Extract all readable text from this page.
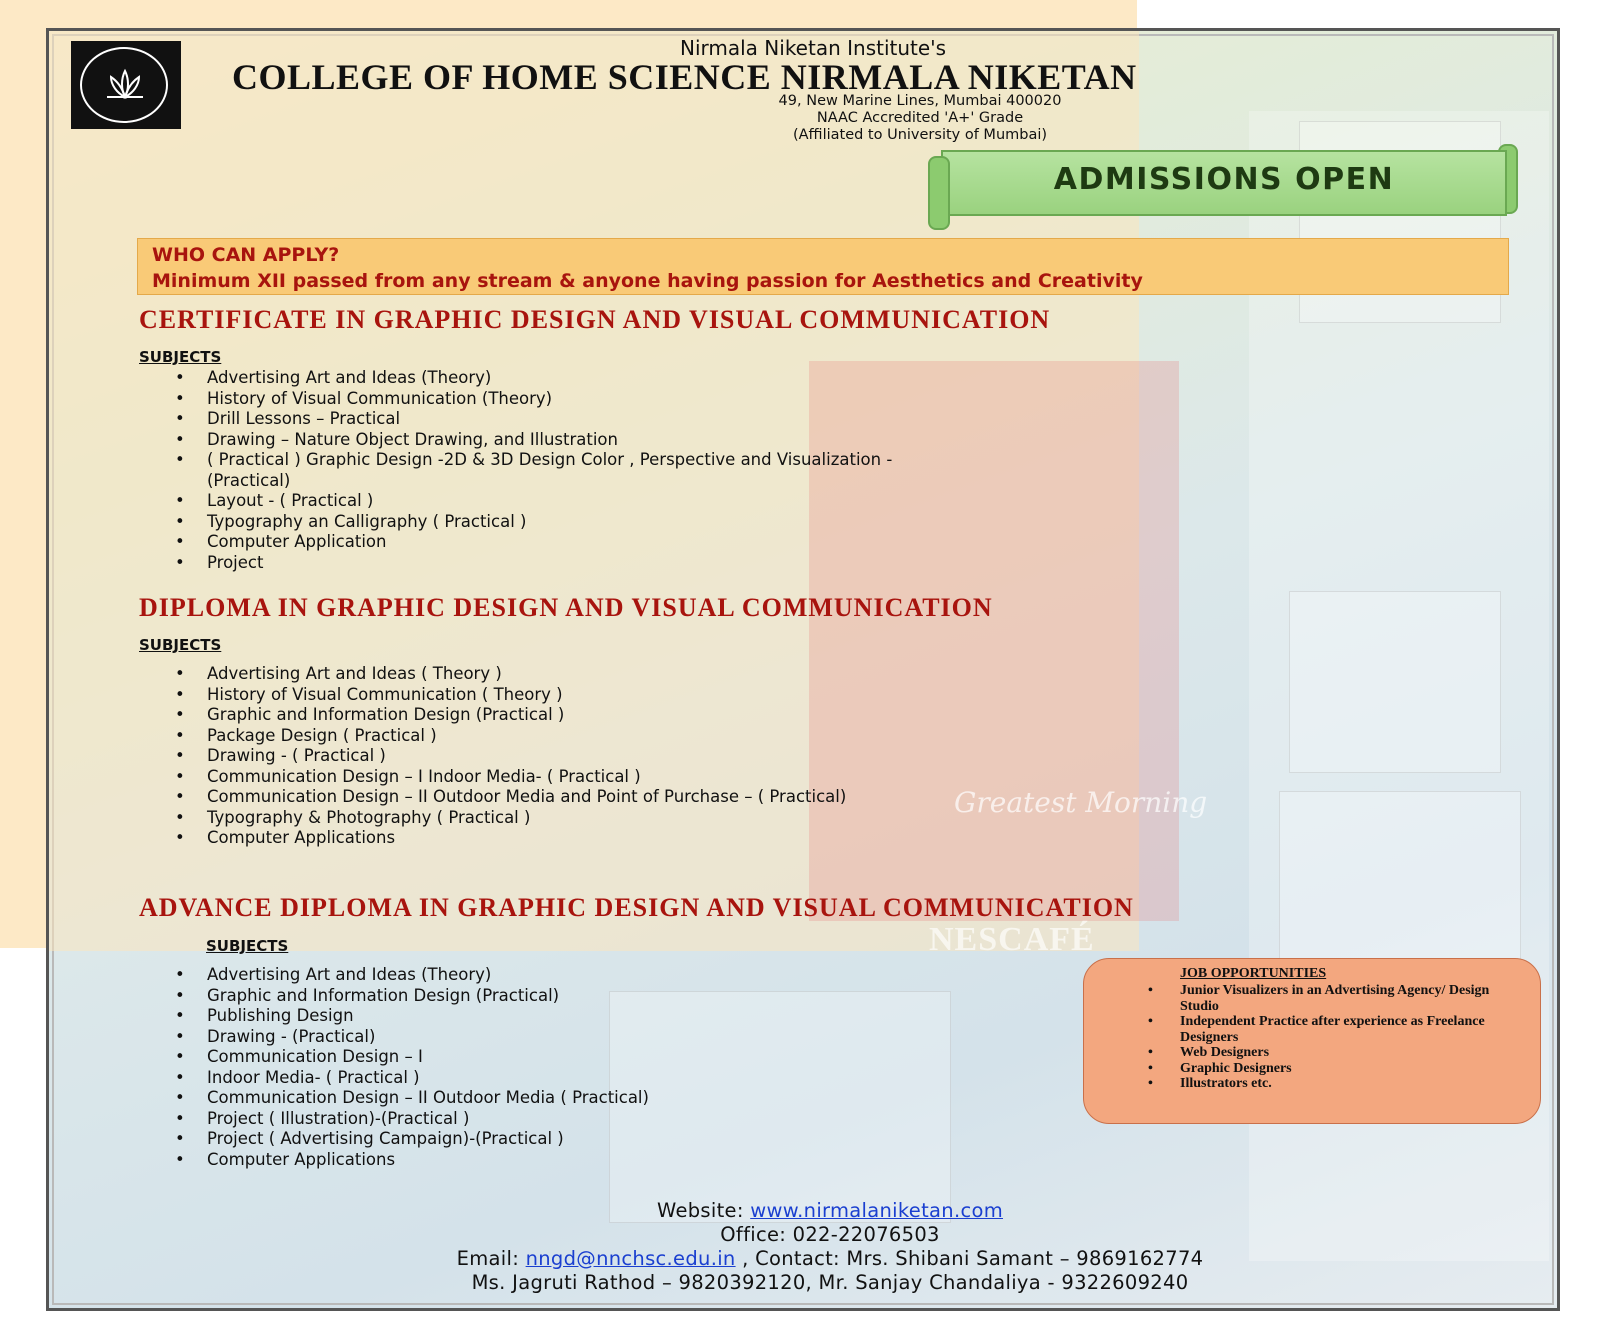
Greatest Morning
NESCAFÉ
Nirmala Niketan Institute's
COLLEGE OF HOME SCIENCE NIRMALA NIKETAN
49, New Marine Lines, Mumbai 400020
NAAC Accredited 'A+' Grade
(Affiliated to University of Mumbai)
ADMISSIONS OPEN
WHO CAN APPLY?
Minimum XII passed from any stream & anyone having passion for Aesthetics and Creativity
CERTIFICATE IN GRAPHIC DESIGN AND VISUAL COMMUNICATION
SUBJECTS
• Advertising Art and Ideas (Theory)
• History of Visual Communication (Theory)
• Drill Lessons – Practical
• Drawing – Nature Object Drawing, and Illustration
• ( Practical ) Graphic Design -2D & 3D Design Color , Perspective and Visualization - (Practical)
• Layout - ( Practical )
• Typography an Calligraphy ( Practical )
• Computer Application
• Project
DIPLOMA IN GRAPHIC DESIGN AND VISUAL COMMUNICATION
SUBJECTS
• Advertising Art and Ideas ( Theory )
• History of Visual Communication ( Theory )
• Graphic and Information Design (Practical )
• Package Design ( Practical )
• Drawing - ( Practical )
• Communication Design – I Indoor Media- ( Practical )
• Communication Design – II Outdoor Media and Point of Purchase – ( Practical)
• Typography & Photography ( Practical )
• Computer Applications
ADVANCE DIPLOMA IN GRAPHIC DESIGN AND VISUAL COMMUNICATION
SUBJECTS
• Advertising Art and Ideas (Theory)
• Graphic and Information Design (Practical)
• Publishing Design
• Drawing - (Practical)
• Communication Design – I
• Indoor Media- ( Practical )
• Communication Design – II Outdoor Media ( Practical)
• Project ( Illustration)-(Practical )
• Project ( Advertising Campaign)-(Practical )
• Computer Applications
JOB OPPORTUNITIES
• Junior Visualizers in an Advertising Agency/ Design Studio
• Independent Practice after experience as Freelance Designers
• Web Designers
• Graphic Designers
• Illustrators etc.
Website: www.nirmalaniketan.com
Office: 022-22076503
Email: nngd@nnchsc.edu.in , Contact: Mrs. Shibani Samant – 9869162774
Ms. Jagruti Rathod – 9820392120, Mr. Sanjay Chandaliya - 9322609240
